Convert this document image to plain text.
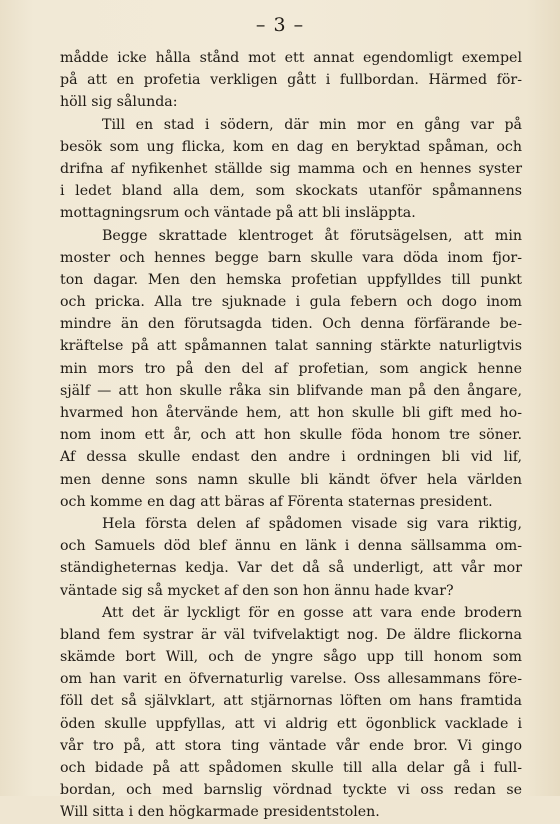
– 3 –
mådde icke hålla stånd mot ett annat egendomligt exempel
på att en profetia verkligen gått i fullbordan. Härmed för-
höll sig sålunda:
Till en stad i södern, där min mor en gång var på
besök som ung flicka, kom en dag en beryktad spåman, och
drifna af nyfikenhet ställde sig mamma och en hennes syster
i ledet bland alla dem, som skockats utanför spåmannens
mottagningsrum och väntade på att bli insläppta.
Begge skrattade klentroget åt förutsägelsen, att min
moster och hennes begge barn skulle vara döda inom fjor-
ton dagar. Men den hemska profetian uppfylldes till punkt
och pricka. Alla tre sjuknade i gula febern och dogo inom
mindre än den förutsagda tiden. Och denna förfärande be-
kräftelse på att spåmannen talat sanning stärkte naturligtvis
min mors tro på den del af profetian, som angick henne
själf — att hon skulle råka sin blifvande man på den ångare,
hvarmed hon återvände hem, att hon skulle bli gift med ho-
nom inom ett år, och att hon skulle föda honom tre söner.
Af dessa skulle endast den andre i ordningen bli vid lif,
men denne sons namn skulle bli kändt öfver hela världen
och komme en dag att bäras af Förenta staternas president.
Hela första delen af spådomen visade sig vara riktig,
och Samuels död blef ännu en länk i denna sällsamma om-
ständigheternas kedja. Var det då så underligt, att vår mor
väntade sig så mycket af den son hon ännu hade kvar?
Att det är lyckligt för en gosse att vara ende brodern
bland fem systrar är väl tvifvelaktigt nog. De äldre flickorna
skämde bort Will, och de yngre sågo upp till honom som
om han varit en öfvernaturlig varelse. Oss allesammans före-
föll det så självklart, att stjärnornas löften om hans framtida
öden skulle uppfyllas, att vi aldrig ett ögonblick vacklade i
vår tro på, att stora ting väntade vår ende bror. Vi gingo
och bidade på att spådomen skulle till alla delar gå i full-
bordan, och med barnslig vördnad tyckte vi oss redan se
Will sitta i den högkarmade presidentstolen.
